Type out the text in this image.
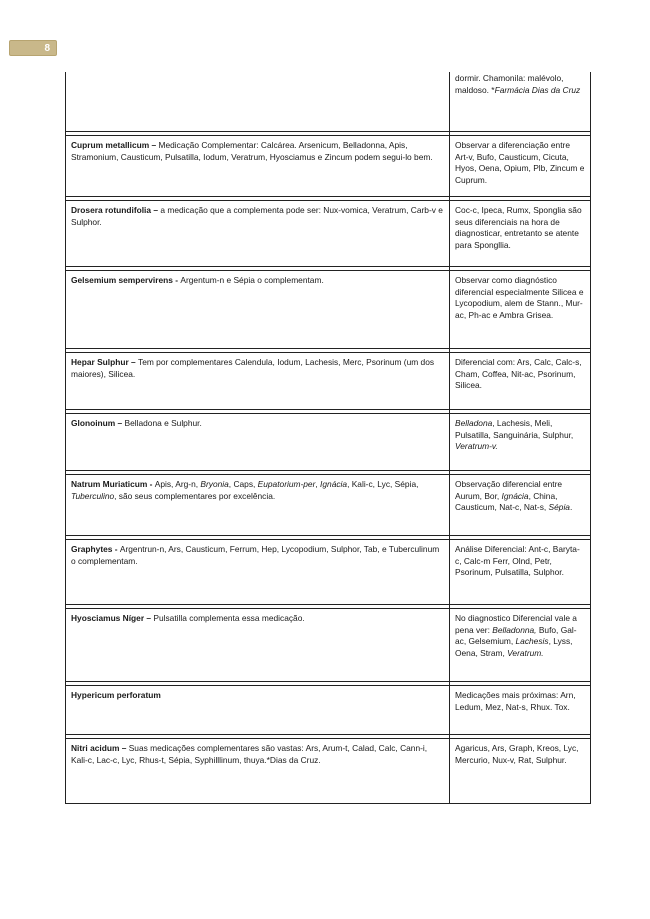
8
	dormir. Chamonila: malévolo, maldoso. *Farmácia Dias da Cruz

Cuprum metallicum – Medicação Complementar: Calcárea. Arsenicum, Belladonna, Apis, Stramonium, Causticum, Pulsatilla, Iodum, Veratrum, Hyosciamus e Zincum podem segui-lo bem.	Observar a diferenciação entre Art-v, Bufo, Causticum, Cicuta, Hyos, Oena, Opium, Plb, Zincum e Cuprum.

Drosera rotundifolia – a medicação que a complementa pode ser: Nux-vomica, Veratrum, Carb-v e Sulphor.	Coc-c, Ipeca, Rumx, Sponglia são seus diferenciais na hora de diagnosticar, entretanto se atente para Spongllia.

Gelsemium sempervirens - Argentum-n e Sépia o complementam.	Observar como diagnóstico diferencial especialmente Silicea e Lycopodium, alem de Stann., Mur-ac, Ph-ac e Ambra Grisea.

Hepar Sulphur – Tem por complementares Calendula, Iodum, Lachesis, Merc, Psorinum (um dos maiores), Silicea.	Diferencial com: Ars, Calc, Calc-s, Cham, Coffea, Nit-ac, Psorinum, Silicea.

Glonoinum – Belladona e Sulphur.	Belladona, Lachesis, Meli, Pulsatilla, Sanguinária, Sulphur, Veratrum-v.

Natrum Muriaticum - Apis, Arg-n, Bryonia, Caps, Eupatorium-per, Ignácia, Kali-c, Lyc, Sépia, Tuberculino, são seus complementares por excelência.	Observação diferencial entre Aurum, Bor, Ignácia, China, Causticum, Nat-c, Nat-s, Sépia.

Graphytes - Argentrun-n, Ars, Causticum, Ferrum, Hep, Lycopodium, Sulphor, Tab, e Tuberculinum o complementam.	Análise Diferencial: Ant-c, Baryta-c, Calc-m Ferr, Olnd, Petr, Psorinum, Pulsatilla, Sulphor.

Hyosciamus Níger – Pulsatilla complementa essa medicação.	No diagnostico Diferencial vale a pena ver: Belladonna, Bufo, Gal-ac, Gelsemium, Lachesis, Lyss, Oena, Stram, Veratrum.

Hypericum perforatum	Medicações mais próximas: Arn, Ledum, Mez, Nat-s, Rhux. Tox.

Nitri acidum – Suas medicações complementares são vastas: Ars, Arum-t, Calad, Calc, Cann-i, Kali-c, Lac-c, Lyc, Rhus-t, Sépia, Syphilllinum, thuya.*Dias da Cruz.	Agaricus, Ars, Graph, Kreos, Lyc, Mercurio, Nux-v, Rat, Sulphur.
